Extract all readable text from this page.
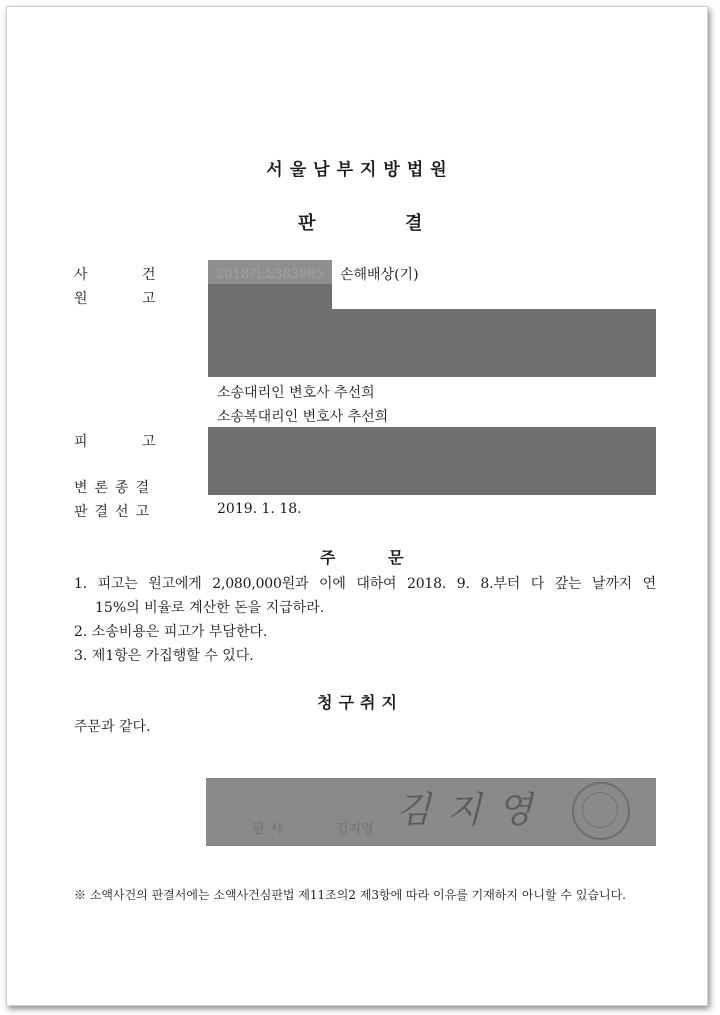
서울남부지방법원
판	결
사	건	2018가소383985 손해배상(기)
원	고
소송대리인 변호사 추선희
소송복대리인 변호사 추선희
피	고
변론종결
판결선고	2019. 1. 18.
주	문
1. 피고는 원고에게 2,080,000원과 이에 대하여 2018. 9. 8.부터 다 갚는 날까지 연
15%의 비율로 계산한 돈을 지급하라.
2. 소송비용은 피고가 부담한다.
3. 제1항은 가집행할 수 있다.
청구취지
주문과 같다.
판사	김지영 김지영
※ 소액사건의 판결서에는 소액사건심판법 제11조의2 제3항에 따라 이유를 기재하지 아니할 수 있습니다.
